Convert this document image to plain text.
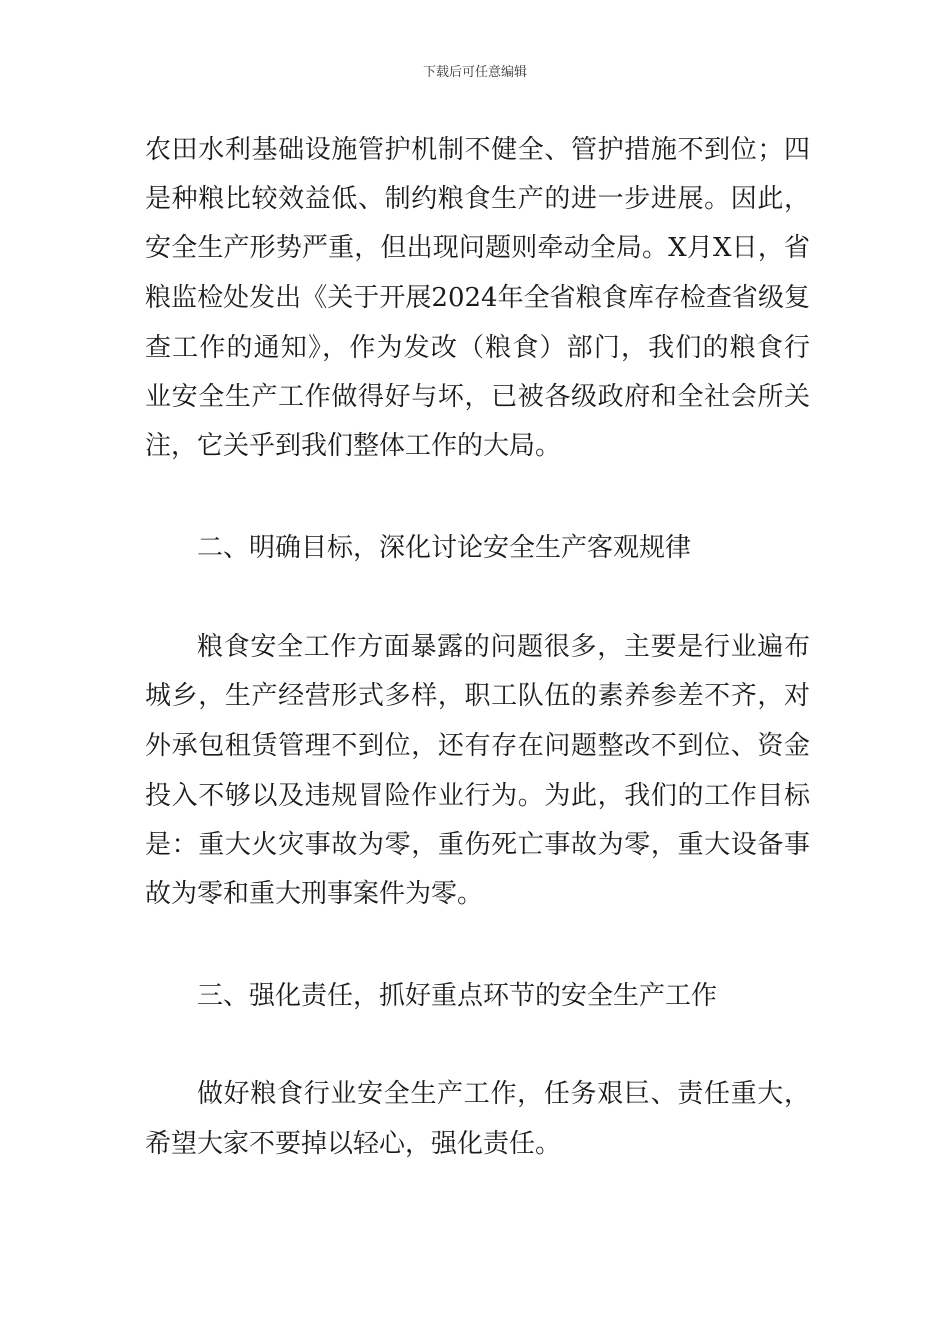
下载后可任意编辑
农田水利基础设施管护机制不健全、管护措施不到位；四
是种粮比较效益低、制约粮食生产的进一步进展。因此，
安全生产形势严重，但出现问题则牵动全局。X月X日，省
粮监检处发出《关于开展2024年全省粮食库存检查省级复
查工作的通知》，作为发改（粮食）部门，我们的粮食行
业安全生产工作做得好与坏，已被各级政府和全社会所关
注，它关乎到我们整体工作的大局。
二、明确目标，深化讨论安全生产客观规律
粮食安全工作方面暴露的问题很多，主要是行业遍布
城乡，生产经营形式多样，职工队伍的素养参差不齐，对
外承包租赁管理不到位，还有存在问题整改不到位、资金
投入不够以及违规冒险作业行为。为此，我们的工作目标
是：重大火灾事故为零，重伤死亡事故为零，重大设备事
故为零和重大刑事案件为零。
三、强化责任，抓好重点环节的安全生产工作
做好粮食行业安全生产工作，任务艰巨、责任重大，
希望大家不要掉以轻心，强化责任。
